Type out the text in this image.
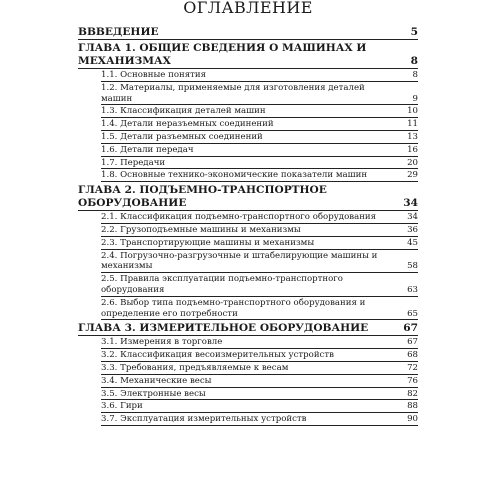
ОГЛАВЛЕНИЕ
ВВВЕДЕНИЕ	5
ГЛАВА 1. ОБЩИЕ СВЕДЕНИЯ О МАШИНАХ И МЕХАНИЗМАХ	8
1.1. Основные понятия	8
1.2. Материалы, применяемые для изготовления деталей машин	9
1.3. Классификация деталей машин	10
1.4. Детали неразъемных соединений	11
1.5. Детали разъемных соединений	13
1.6. Детали передач	16
1.7. Передачи	20
1.8. Основные технико-экономические показатели машин	29
ГЛАВА 2. ПОДЪЕМНО-ТРАНСПОРТНОЕ ОБОРУДОВАНИЕ	34
2.1. Классификация подъемно-транспортного оборудования	34
2.2. Грузоподъемные машины и механизмы	36
2.3. Транспортирующие машины и механизмы	45
2.4. Погрузочно-разгрузочные и штабелирующие машины и механизмы	58
2.5. Правила эксплуатации подъемно-транспортного оборудования	63
2.6. Выбор типа подъемно-транспортного оборудования и определение его потребности	65
ГЛАВА 3. ИЗМЕРИТЕЛЬНОЕ ОБОРУДОВАНИЕ	67
3.1. Измерения в торговле	67
3.2. Классификация весоизмерительных устройств	68
3.3. Требования, предъявляемые к весам	72
3.4. Механические весы	76
3.5. Электронные весы	82
3.6. Гири	88
3.7. Эксплуатация измерительных устройств	90
